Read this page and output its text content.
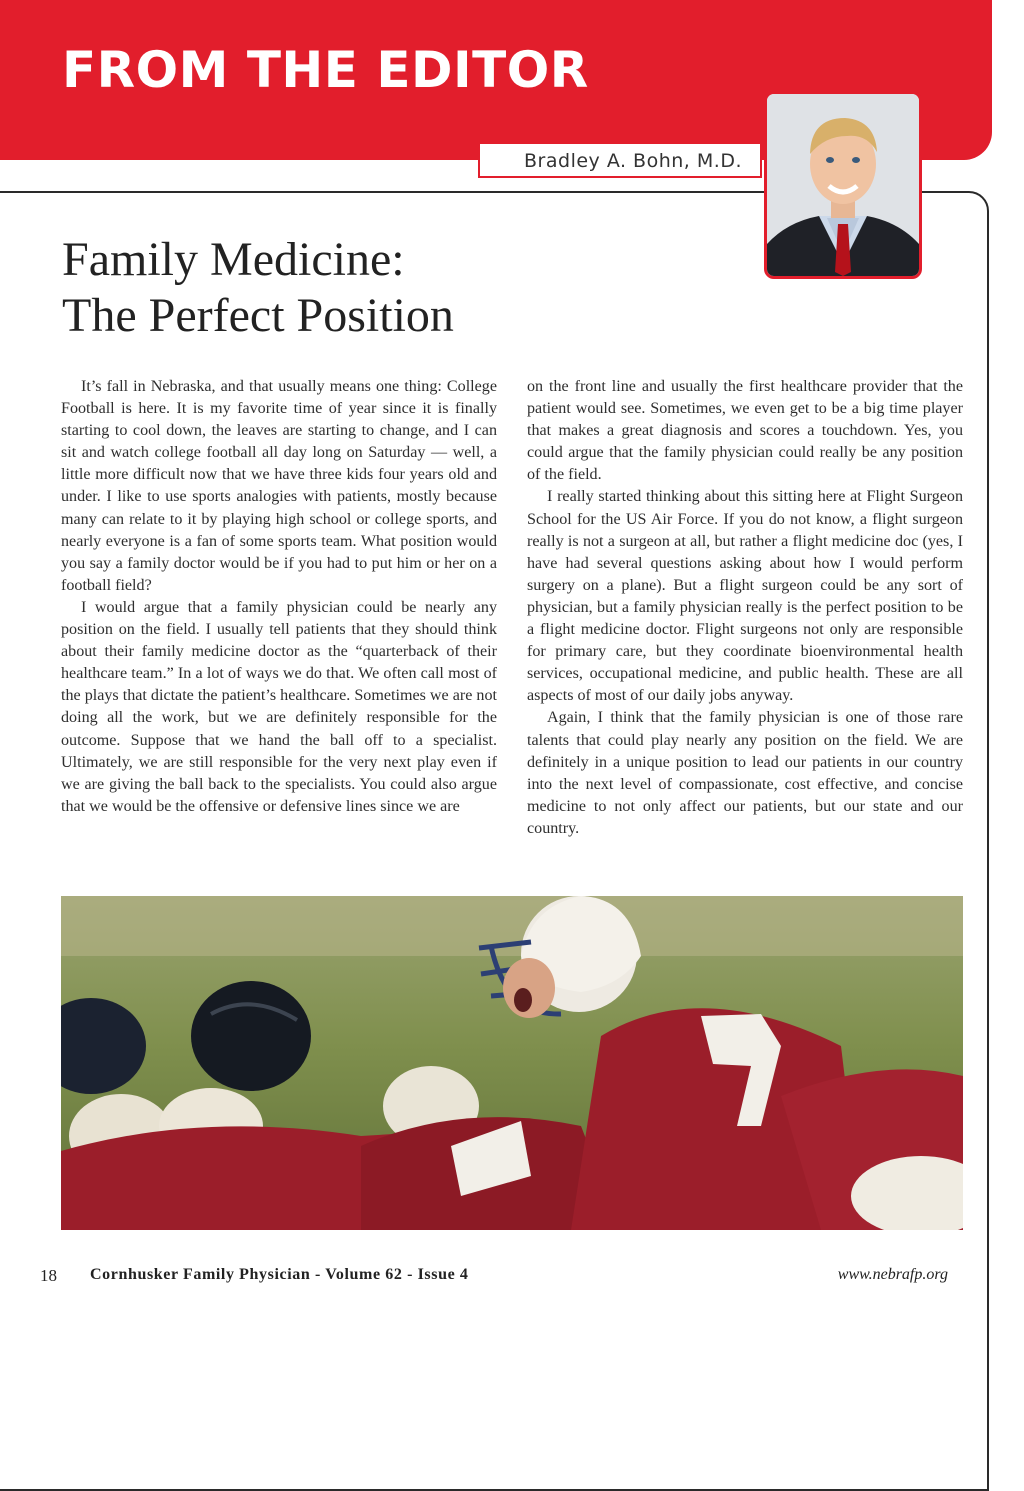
FROM THE EDITOR
Bradley A. Bohn, M.D.
Family Medicine:
The Perfect Position

It’s fall in Nebraska, and that usually means one thing: College Football is here. It is my favorite time of year since it is finally starting to cool down, the leaves are starting to change, and I can sit and watch college football all day long on Saturday — well, a little more difficult now that we have three kids four years old and under. I like to use sports analogies with patients, mostly because many can relate to it by playing high school or college sports, and nearly everyone is a fan of some sports team. What position would you say a family doctor would be if you had to put him or her on a football field?

I would argue that a family physician could be nearly any position on the field. I usually tell patients that they should think about their family medicine doctor as the “quarterback of their healthcare team.” In a lot of ways we do that. We often call most of the plays that dictate the patient’s healthcare. Sometimes we are not doing all the work, but we are definitely responsible for the outcome. Suppose that we hand the ball off to a specialist. Ultimately, we are still responsible for the very next play even if we are giving the ball back to the specialists. You could also argue that we would be the offensive or defensive lines since we are

on the front line and usually the first healthcare provider that the patient would see. Sometimes, we even get to be a big time player that makes a great diagnosis and scores a touchdown. Yes, you could argue that the family physician could really be any position of the field.

I really started thinking about this sitting here at Flight Surgeon School for the US Air Force. If you do not know, a flight surgeon really is not a surgeon at all, but rather a flight medicine doc (yes, I have had several questions asking about how I would perform surgery on a plane). But a flight surgeon could be any sort of physician, but a family physician really is the perfect position to be a flight medicine doctor. Flight surgeons not only are responsible for primary care, but they coordinate bioenvironmental health services, occupational medicine, and public health. These are all aspects of most of our daily jobs anyway.

Again, I think that the family physician is one of those rare talents that could play nearly any position on the field. We are definitely in a unique position to lead our patients in our country into the next level of compassionate, cost effective, and concise medicine to not only affect our patients, but our state and our country.

18 Cornhusker Family Physician - Volume 62 - Issue 4	www.nebrafp.org
